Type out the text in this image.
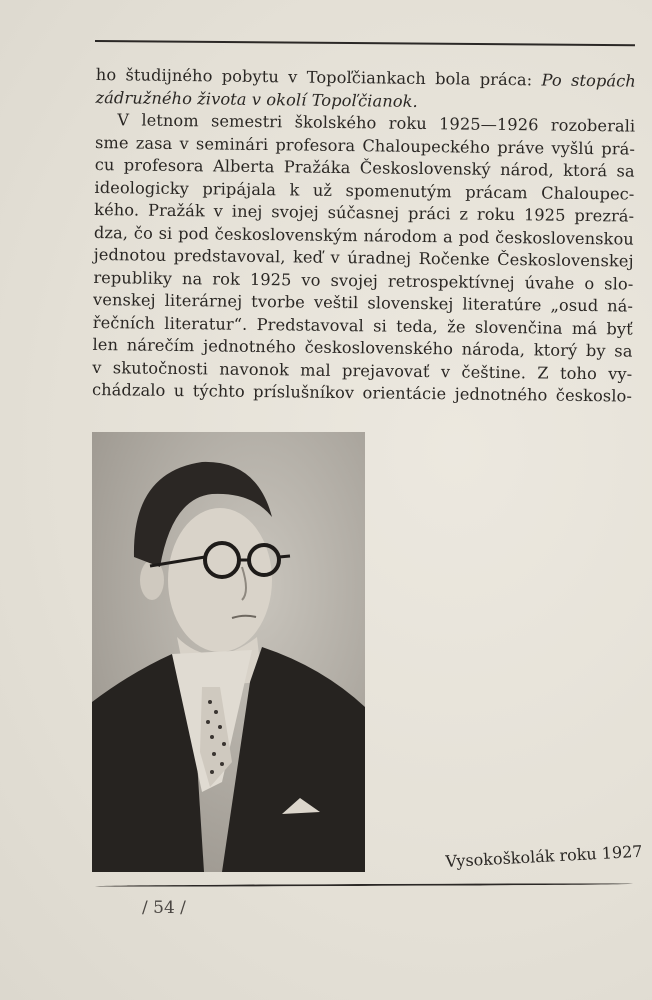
ho študijného pobytu v Topoľčiankach bola práca: Po stopách
zádružného života v okolí Topoľčianok.
V letnom semestri školského roku 1925—1926 rozoberali
sme zasa v seminári profesora Chaloupeckého práve vyšlú prá-
cu profesora Alberta Pražáka Československý národ, ktorá sa
ideologicky pripájala k už spomenutým prácam Chaloupec-
kého. Pražák v inej svojej súčasnej práci z roku 1925 prezrá-
dza, čo si pod československým národom a pod československou
jednotou predstavoval, keď v úradnej Ročenke Československej
republiky na rok 1925 vo svojej retrospektívnej úvahe o slo-
venskej literárnej tvorbe veštil slovenskej literatúre „osud ná-
řečních literatur“. Predstavoval si teda, že slovenčina má byť
len nárečím jednotného československého národa, ktorý by sa
v skutočnosti navonok mal prejavovať v češtine. Z toho vy-
chádzalo u týchto príslušníkov orientácie jednotného českoslo-
Vysokoškolák roku 1927
/ 54 /
